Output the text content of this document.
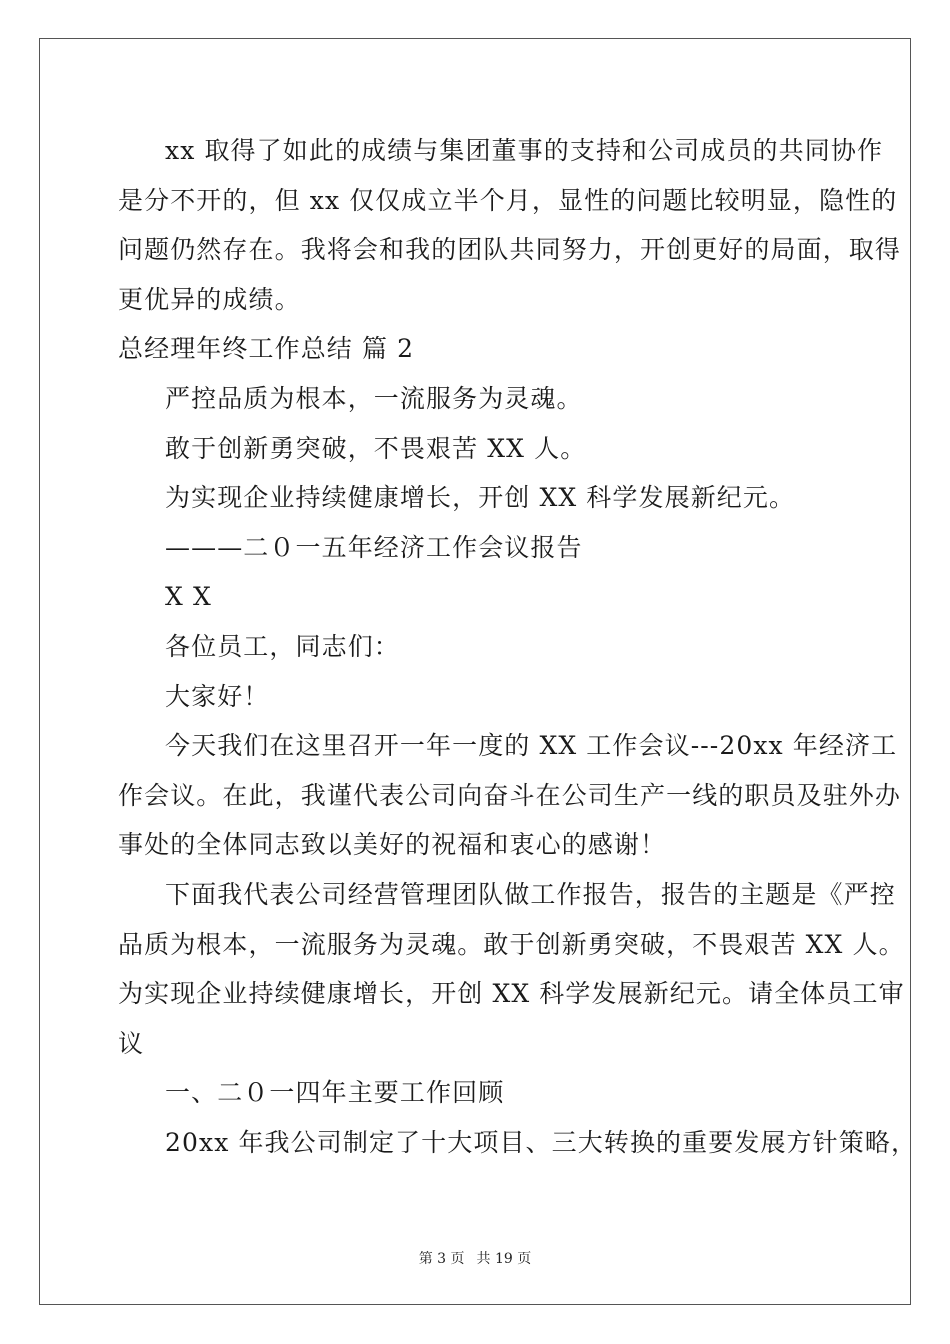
xx 取得了如此的成绩与集团董事的支持和公司成员的共同协作
是分不开的，但 xx 仅仅成立半个月，显性的问题比较明显，隐性的
问题仍然存在。我将会和我的团队共同努力，开创更好的局面，取得
更优异的成绩。
总经理年终工作总结 篇 2
严控品质为根本，一流服务为灵魂。
敢于创新勇突破，不畏艰苦 XX 人。
为实现企业持续健康增长，开创 XX 科学发展新纪元。
———二０一五年经济工作会议报告
X X
各位员工，同志们：
大家好！
今天我们在这里召开一年一度的 XX 工作会议---20xx 年经济工
作会议。在此，我谨代表公司向奋斗在公司生产一线的职员及驻外办
事处的全体同志致以美好的祝福和衷心的感谢！
下面我代表公司经营管理团队做工作报告，报告的主题是《严控
品质为根本，一流服务为灵魂。敢于创新勇突破，不畏艰苦 XX 人。
为实现企业持续健康增长，开创 XX 科学发展新纪元。请全体员工审
议
一、二０一四年主要工作回顾
20xx 年我公司制定了十大项目、三大转换的重要发展方针策略，
第 3 页 共 19 页
